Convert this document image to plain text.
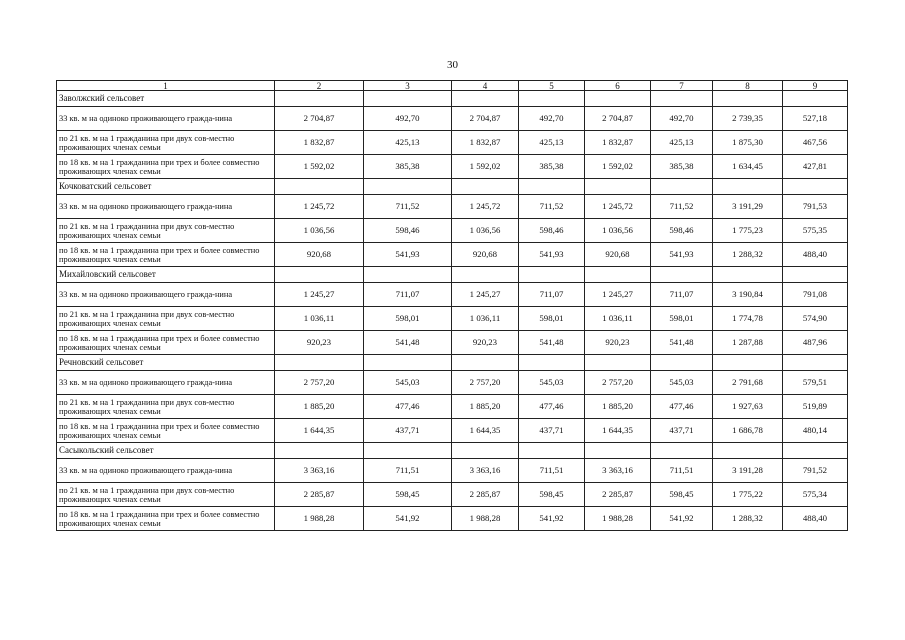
30
1	2	3	4	5	6	7	8	9
Заволжский сельсовет								
33 кв. м на одиноко проживающего гражда-нина	2 704,87	492,70	2 704,87	492,70	2 704,87	492,70	2 739,35	527,18
по 21 кв. м на 1 гражданина при двух сов-местно проживающих членах семьи	1 832,87	425,13	1 832,87	425,13	1 832,87	425,13	1 875,30	467,56
по 18 кв. м на 1 гражданина при трех и более совместно проживающих членах семьи	1 592,02	385,38	1 592,02	385,38	1 592,02	385,38	1 634,45	427,81
Кочковатский сельсовет								
33 кв. м на одиноко проживающего гражда-нина	1 245,72	711,52	1 245,72	711,52	1 245,72	711,52	3 191,29	791,53
по 21 кв. м на 1 гражданина при двух сов-местно проживающих членах семьи	1 036,56	598,46	1 036,56	598,46	1 036,56	598,46	1 775,23	575,35
по 18 кв. м на 1 гражданина при трех и более совместно проживающих членах семьи	920,68	541,93	920,68	541,93	920,68	541,93	1 288,32	488,40
Михайловский сельсовет								
33 кв. м на одиноко проживающего гражда-нина	1 245,27	711,07	1 245,27	711,07	1 245,27	711,07	3 190,84	791,08
по 21 кв. м на 1 гражданина при двух сов-местно проживающих членах семьи	1 036,11	598,01	1 036,11	598,01	1 036,11	598,01	1 774,78	574,90
по 18 кв. м на 1 гражданина при трех и более совместно проживающих членах семьи	920,23	541,48	920,23	541,48	920,23	541,48	1 287,88	487,96
Речновский сельсовет								
33 кв. м на одиноко проживающего гражда-нина	2 757,20	545,03	2 757,20	545,03	2 757,20	545,03	2 791,68	579,51
по 21 кв. м на 1 гражданина при двух сов-местно проживающих членах семьи	1 885,20	477,46	1 885,20	477,46	1 885,20	477,46	1 927,63	519,89
по 18 кв. м на 1 гражданина при трех и более совместно проживающих членах семьи	1 644,35	437,71	1 644,35	437,71	1 644,35	437,71	1 686,78	480,14
Сасыкольский сельсовет								
33 кв. м на одиноко проживающего гражда-нина	3 363,16	711,51	3 363,16	711,51	3 363,16	711,51	3 191,28	791,52
по 21 кв. м на 1 гражданина при двух сов-местно проживающих членах семьи	2 285,87	598,45	2 285,87	598,45	2 285,87	598,45	1 775,22	575,34
по 18 кв. м на 1 гражданина при трех и более совместно проживающих членах семьи	1 988,28	541,92	1 988,28	541,92	1 988,28	541,92	1 288,32	488,40
